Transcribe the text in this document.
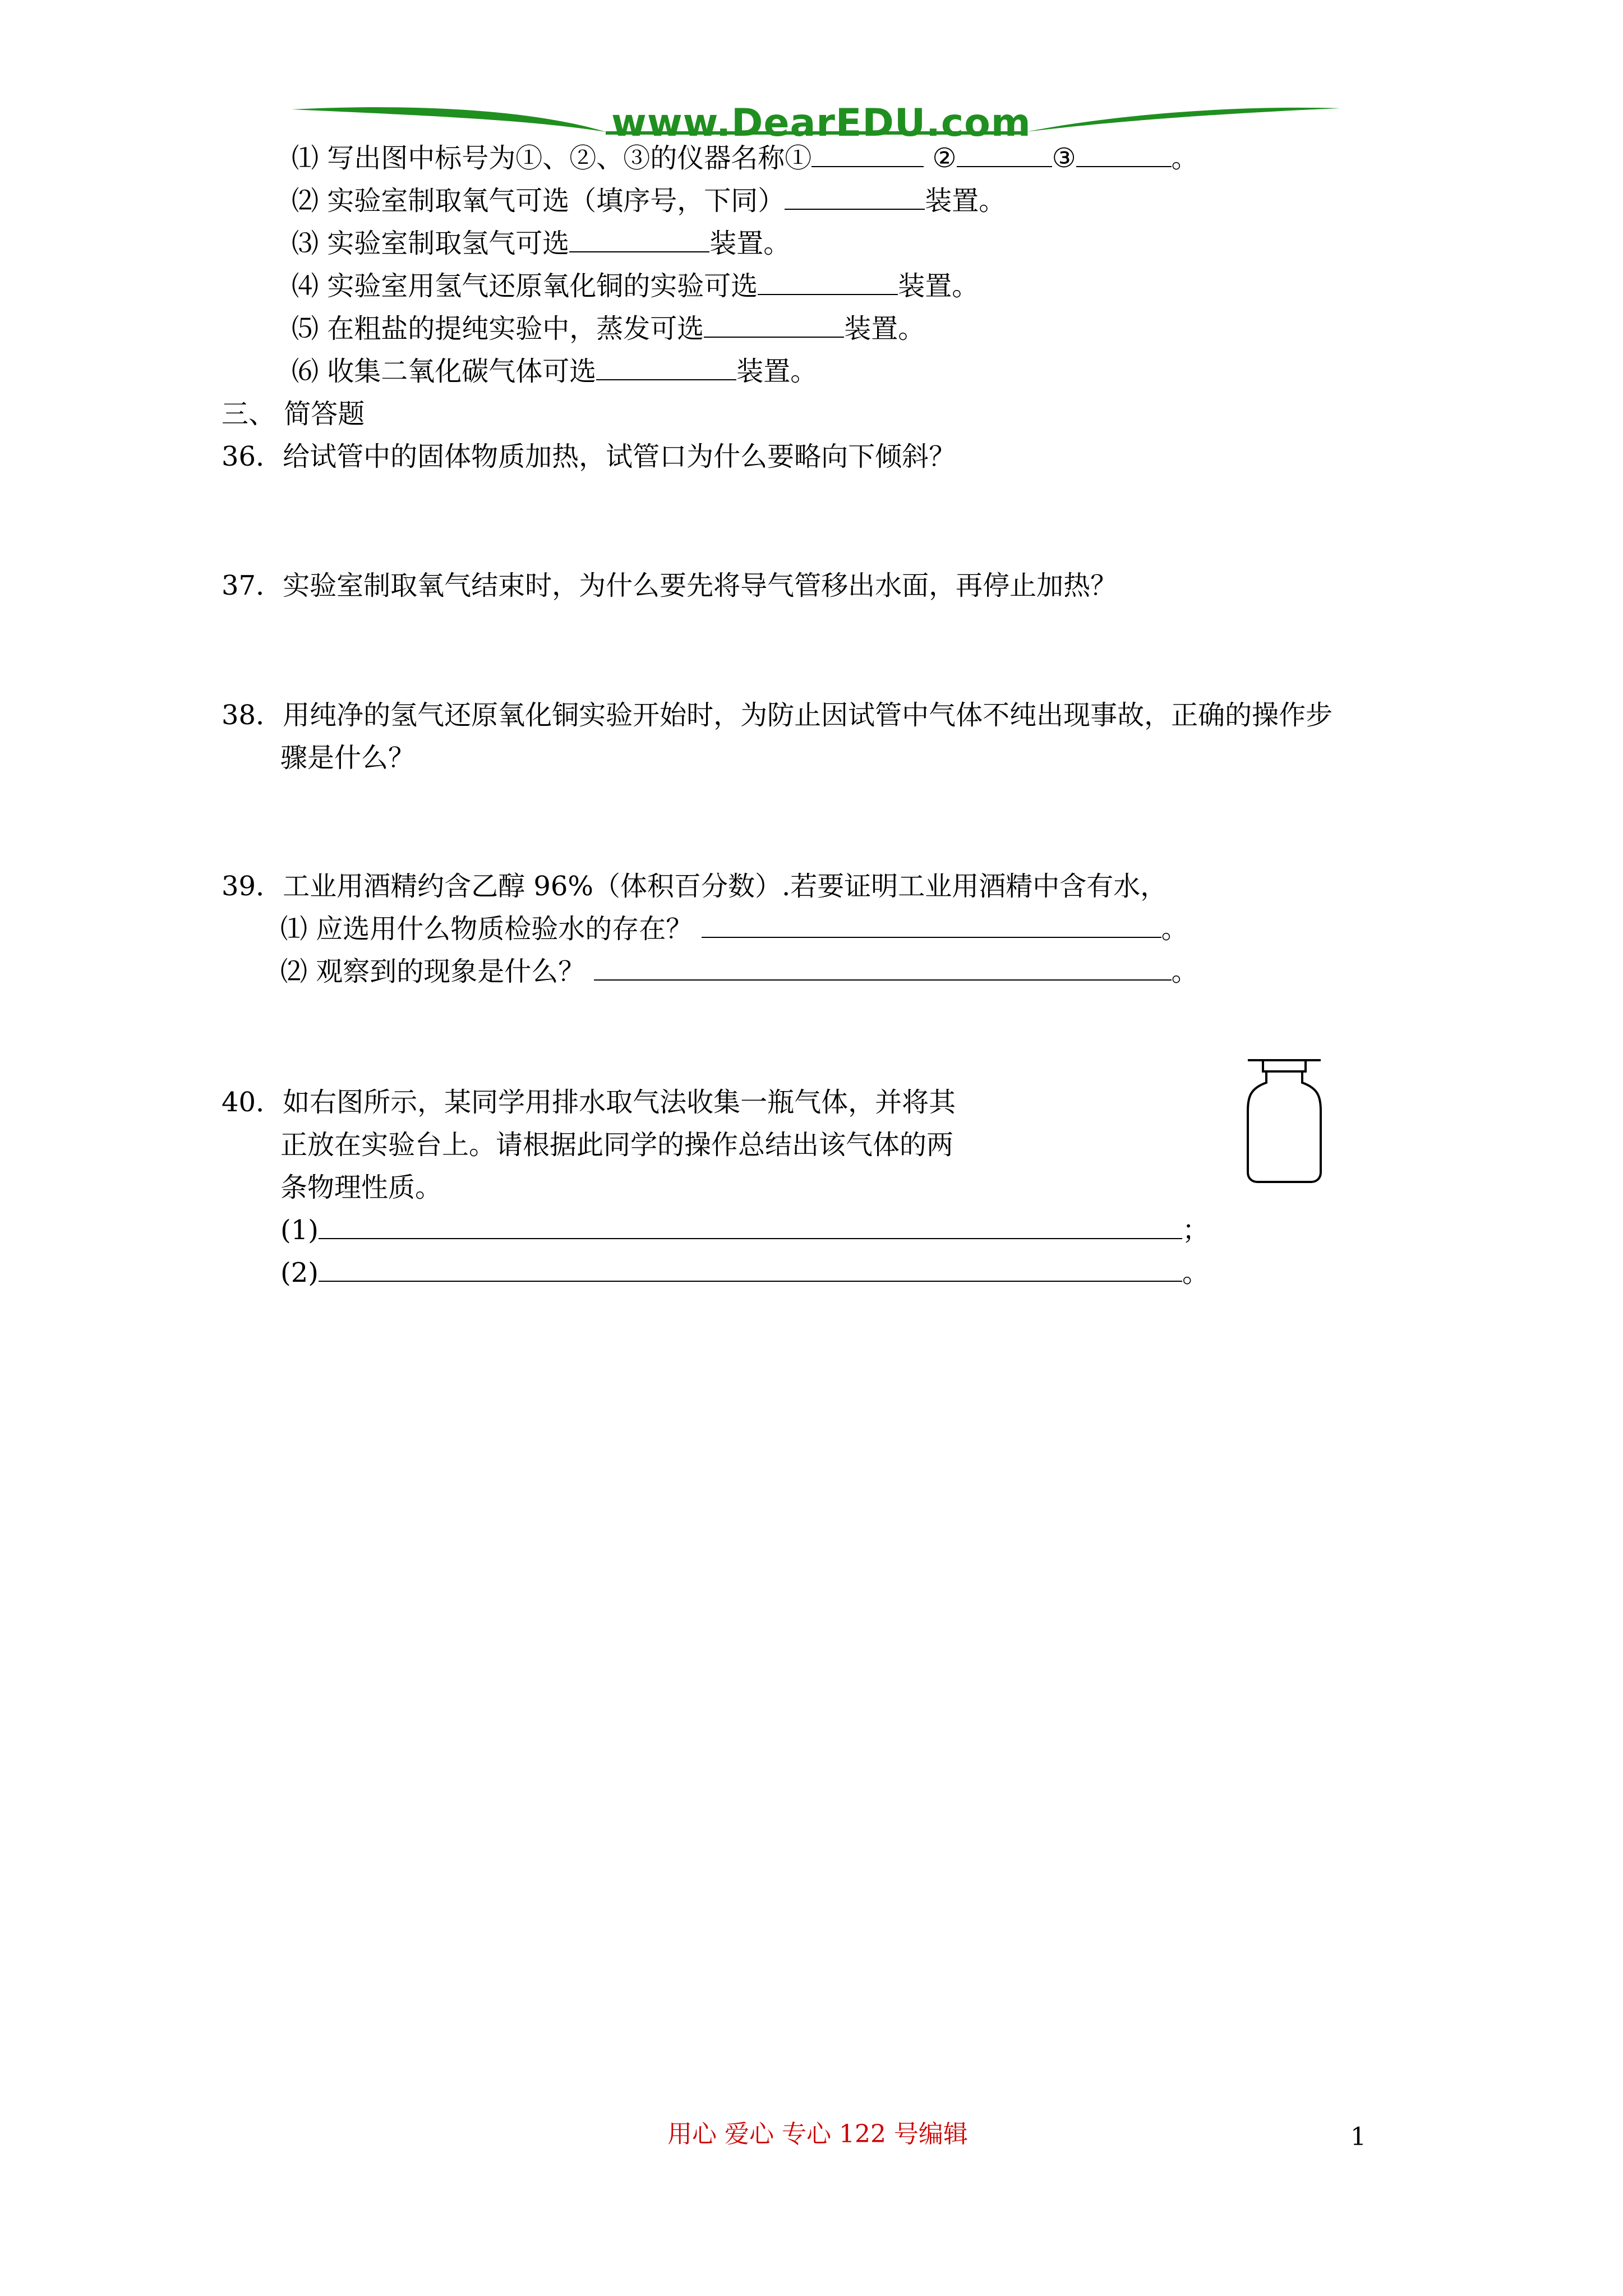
www.DearEDU.com
⑴ 写出图中标号为①、②、③的仪器名称①	②	③	。
⑵ 实验室制取氧气可选（填序号，下同）	装置。
⑶ 实验室制取氢气可选	装置。
⑷ 实验室用氢气还原氧化铜的实验可选	装置。
⑸ 在粗盐的提纯实验中，蒸发可选	装置。
⑹ 收集二氧化碳气体可选	装置。
三、 简答题
36．给试管中的固体物质加热，试管口为什么要略向下倾斜？
37．实验室制取氧气结束时，为什么要先将导气管移出水面，再停止加热？
38．用纯净的氢气还原氧化铜实验开始时，为防止因试管中气体不纯出现事故，正确的操作步
骤是什么？
39．工业用酒精约含乙醇 96%（体积百分数）.若要证明工业用酒精中含有水，
⑴ 应选用什么物质检验水的存在？	。
⑵ 观察到的现象是什么？	。
40．如右图所示，某同学用排水取气法收集一瓶气体，并将其
正放在实验台上。请根据此同学的操作总结出该气体的两
条物理性质。
(1)	；
(2)	。
用心 爱心 专心 122 号编辑	1
